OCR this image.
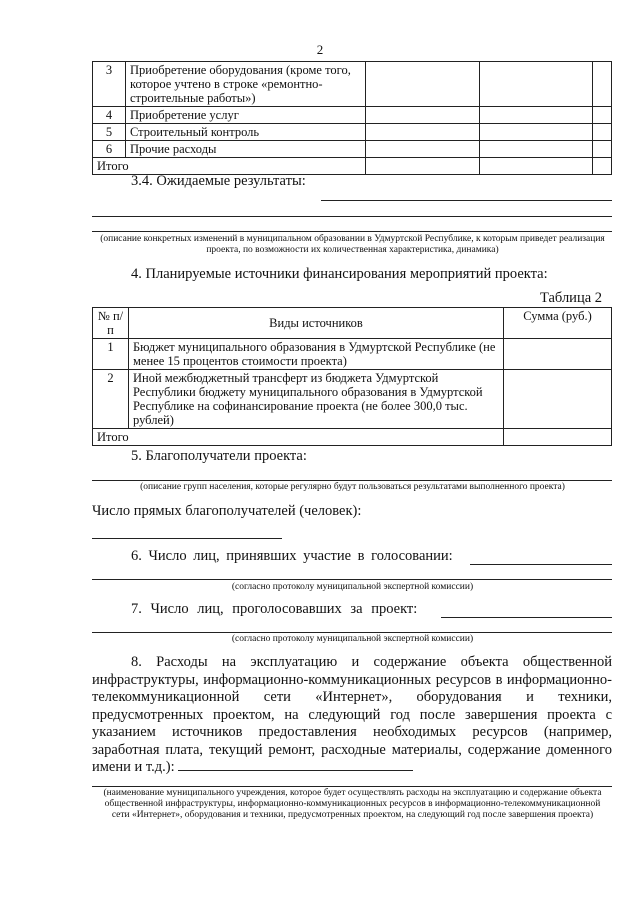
2
3	Приобретение оборудования (кроме того, которое учтено в строке «ремонтно-строительные работы»)			
4	Приобретение услуг			
5	Строительный контроль			
6	Прочие расходы			
Итого				
3.4. Ожидаемые результаты:
(описание конкретных изменений в муниципальном образовании в Удмуртской Республике, к которым приведет реализация проекта, по возможности их количественная характеристика, динамика)
4. Планируемые источники финансирования мероприятий проекта:
Таблица 2
№ п/п	Виды источников	Сумма (руб.)
1	Бюджет муниципального образования в Удмуртской Республике (не менее 15 процентов стоимости проекта)	
2	Иной межбюджетный трансферт из бюджета Удмуртской Республики бюджету муниципального образования в Удмуртской Республике на софинансирование проекта (не более 300,0 тыс. рублей)	
Итого		
5. Благополучатели проекта:
(описание групп населения, которые регулярно будут пользоваться результатами выполненного проекта)
Число прямых благополучателей (человек):
6. Число лиц, принявших участие в голосовании:
(согласно протоколу муниципальной экспертной комиссии)
7. Число лиц, проголосовавших за проект:
(согласно протоколу муниципальной экспертной комиссии)
8. Расходы на эксплуатацию и содержание объекта общественной инфраструктуры, информационно-коммуникационных ресурсов в информационно-телекоммуникационной сети «Интернет», оборудования и техники, предусмотренных проектом, на следующий год после завершения проекта с указанием источников предоставления необходимых ресурсов (например, заработная плата, текущий ремонт, расходные материалы, содержание доменного имени и т.д.):
(наименование муниципального учреждения, которое будет осуществлять расходы на эксплуатацию и содержание объекта общественной инфраструктуры, информационно-коммуникационных ресурсов в информационно-телекоммуникационной сети «Интернет», оборудования и техники, предусмотренных проектом, на следующий год после завершения проекта)
